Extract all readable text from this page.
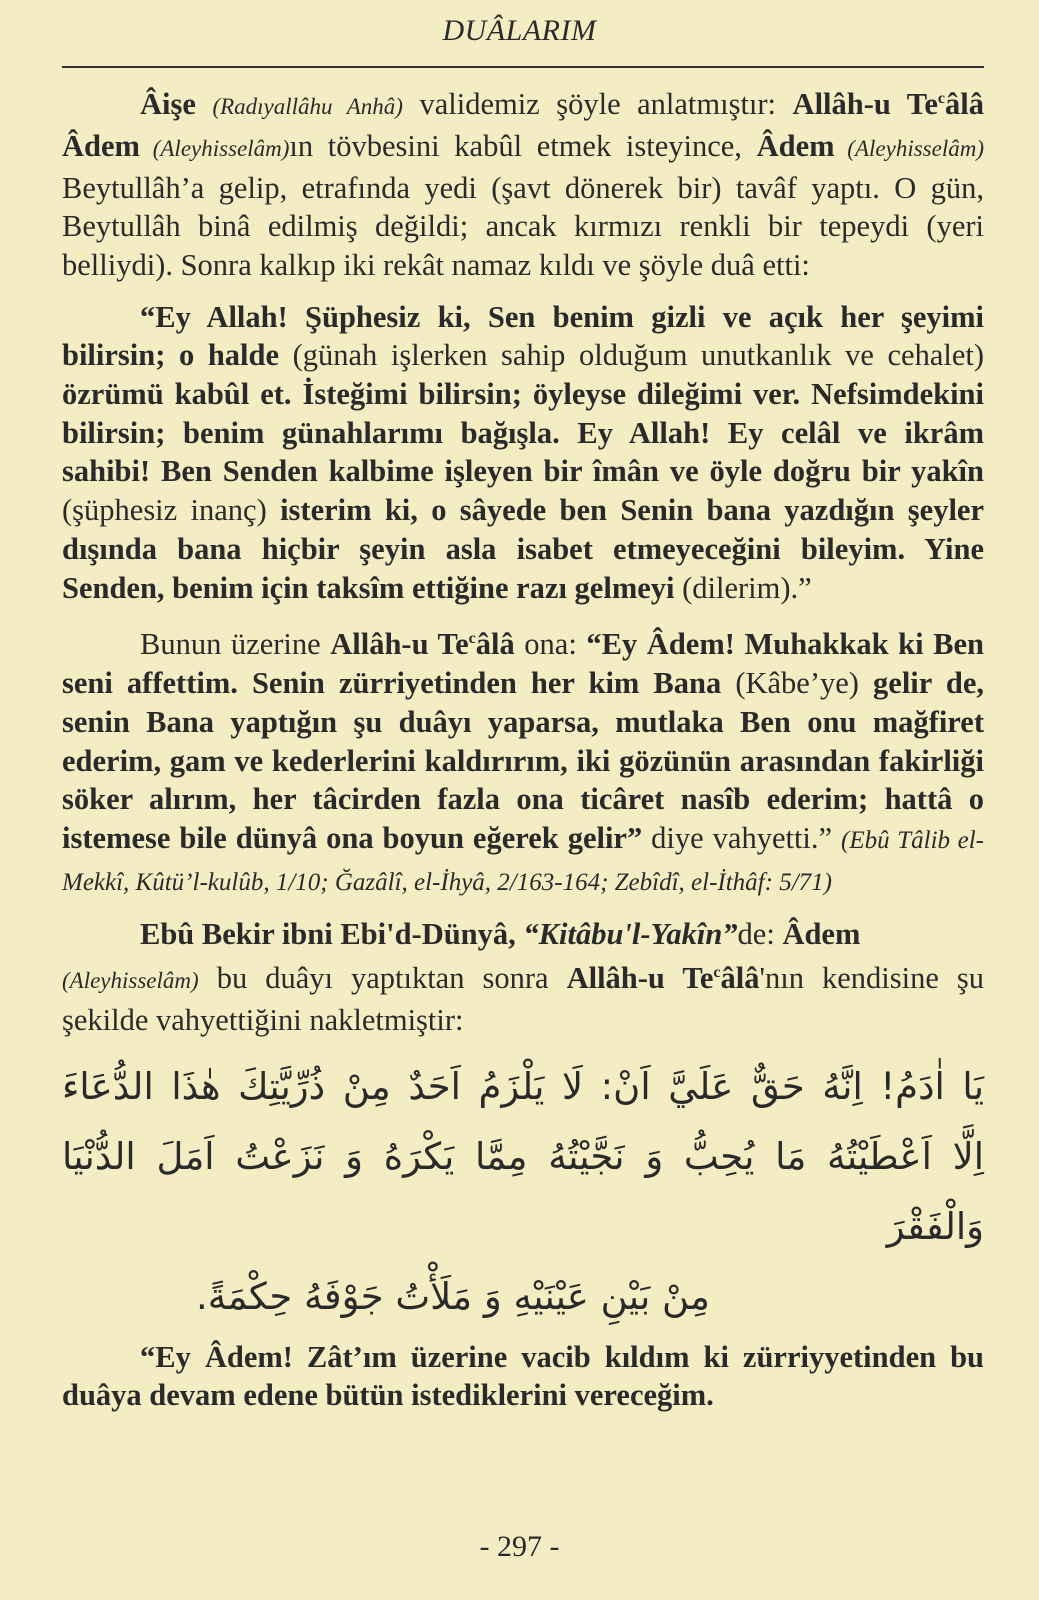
DUÂLARIM

Âişe (Radıyallâhu Anhâ) validemiz şöyle anlatmıştır: Allâh-u Te$^c$âlâ Âdem (Aleyhisselâm)ın tövbesini kabûl etmek isteyince, Âdem (Aleyhisselâm) Beytullâh’a gelip, etrafında yedi (şavt dönerek bir) tavâf yaptı. O gün, Beytullâh binâ edilmiş değildi; ancak kırmızı renkli bir tepeydi (yeri belliydi). Sonra kalkıp iki rekât namaz kıldı ve şöyle duâ etti:

“Ey Allah! Şüphesiz ki, Sen benim gizli ve açık her şeyimi bilirsin; o halde (günah işlerken sahip olduğum unutkanlık ve cehalet) özrümü kabûl et. İsteğimi bilirsin; öyleyse dileğimi ver. Nefsimdekini bilirsin; benim günahlarımı bağışla. Ey Allah! Ey celâl ve ikrâm sahibi! Ben Senden kalbime işleyen bir îmân ve öyle doğru bir yakîn (şüphesiz inanç) isterim ki, o sâyede ben Senin bana yazdığın şeyler dışında bana hiçbir şeyin asla isabet etmeyeceğini bileyim. Yine Senden, benim için taksîm ettiğine razı gelmeyi (dilerim).”

Bunun üzerine Allâh-u Te$^c$âlâ ona: “Ey Âdem! Muhakkak ki Ben seni affettim. Senin zürriyetinden her kim Bana (Kâbe’ye) gelir de, senin Bana yaptığın şu duâyı yaparsa, mutlaka Ben onu mağfiret ederim, gam ve kederlerini kaldırırım, iki gözünün arasından fakirliği söker alırım, her tâcirden fazla ona ticâret nasîb ederim; hattâ o istemese bile dünyâ ona boyun eğerek gelir” diye vahyetti.” (Ebû Tâlib el-Mekkî, Kûtü’l-kulûb, 1/10; Ğazâlî, el-İhyâ, 2/163-164; Zebîdî, el-İthâf: 5/71)

Ebû Bekir ibni Ebi'd-Dünyâ, “Kitâbu'l-Yakîn”de: Âdem
(Aleyhisselâm) bu duâyı yaptıktan sonra Allâh-u Te$^c$âlâ'nın kendisine şu şekilde vahyettiğini nakletmiştir:

يَا اٰدَمُ! اِنَّهُ حَقٌّ عَلَيَّ اَنْ: لَا يَلْزَمُ اَحَدٌ مِنْ ذُرِّيَّتِكَ هٰذَا الدُّعَاءَ
اِلَّا اَعْطَيْتُهُ مَا يُحِبُّ وَ نَجَّيْتُهُ مِمَّا يَكْرَهُ وَ نَزَعْتُ اَمَلَ الدُّنْيَا وَالْفَقْرَ
مِنْ بَيْنِ عَيْنَيْهِ وَ مَلَأْتُ جَوْفَهُ حِكْمَةً.

“Ey Âdem! Zât’ım üzerine vacib kıldım ki zürriyyetinden bu duâya devam edene bütün istediklerini vereceğim.

- 297 -
